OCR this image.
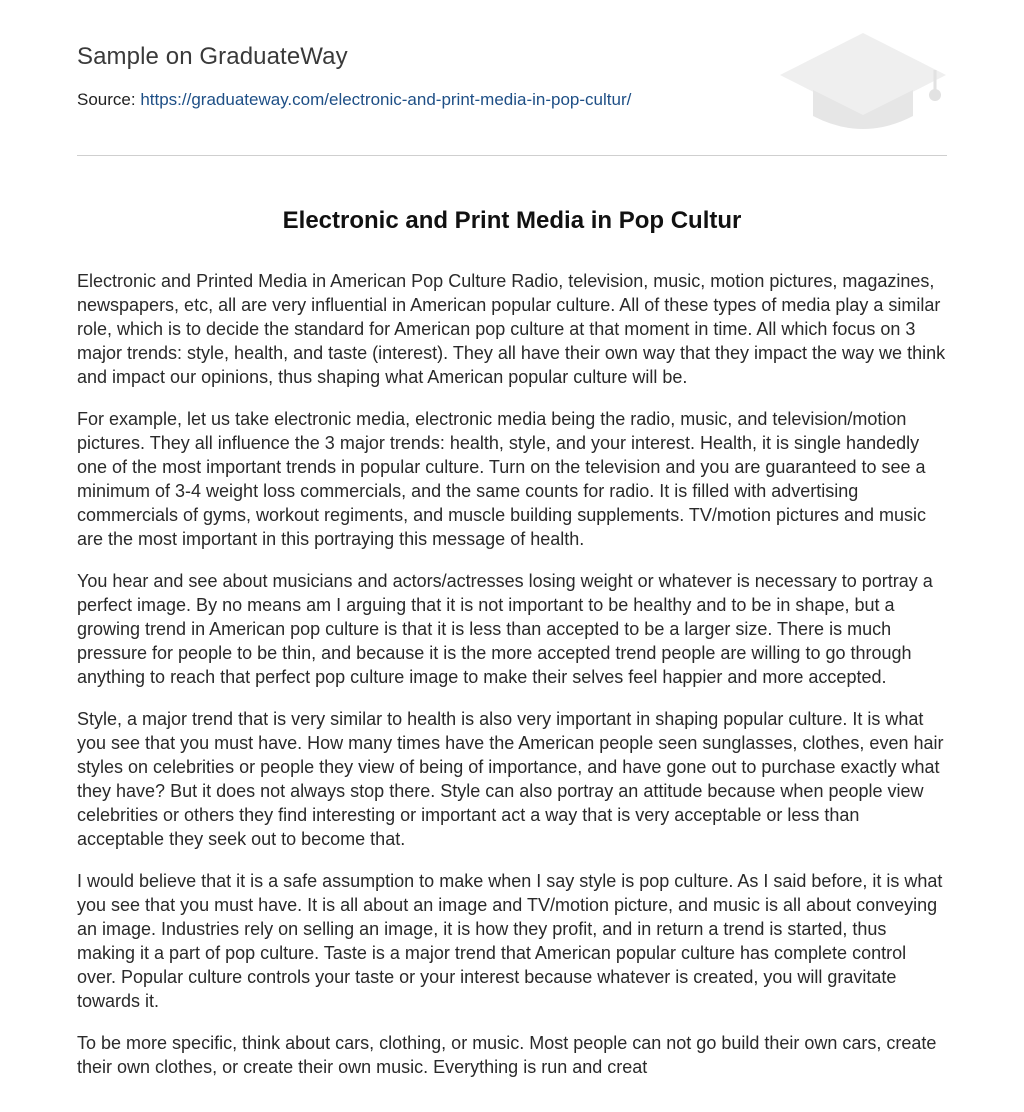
Sample on GraduateWay
Source: https://graduateway.com/electronic-and-print-media-in-pop-cultur/
Electronic and Print Media in Pop Cultur

Electronic and Printed Media in American Pop Culture Radio, television, music, motion pictures, magazines, newspapers, etc, all are very influential in American popular culture. All of these types of media play a similar role, which is to decide the standard for American pop culture at that moment in time. All which focus on 3 major trends: style, health, and taste (interest). They all have their own way that they impact the way we think and impact our opinions, thus shaping what American popular culture will be.

For example, let us take electronic media, electronic media being the radio, music, and television/motion pictures. They all influence the 3 major trends: health, style, and your interest. Health, it is single handedly one of the most important trends in popular culture. Turn on the television and you are guaranteed to see a minimum of 3-4 weight loss commercials, and the same counts for radio. It is filled with advertising commercials of gyms, workout regiments, and muscle building supplements. TV/motion pictures and music are the most important in this portraying this message of health.

You hear and see about musicians and actors/actresses losing weight or whatever is necessary to portray a perfect image. By no means am I arguing that it is not important to be healthy and to be in shape, but a growing trend in American pop culture is that it is less than accepted to be a larger size. There is much pressure for people to be thin, and because it is the more accepted trend people are willing to go through anything to reach that perfect pop culture image to make their selves feel happier and more accepted.

Style, a major trend that is very similar to health is also very important in shaping popular culture. It is what you see that you must have. How many times have the American people seen sunglasses, clothes, even hair styles on celebrities or people they view of being of importance, and have gone out to purchase exactly what they have? But it does not always stop there. Style can also portray an attitude because when people view celebrities or others they find interesting or important act a way that is very acceptable or less than acceptable they seek out to become that.

I would believe that it is a safe assumption to make when I say style is pop culture. As I said before, it is what you see that you must have. It is all about an image and TV/motion picture, and music is all about conveying an image. Industries rely on selling an image, it is how they profit, and in return a trend is started, thus making it a part of pop culture. Taste is a major trend that American popular culture has complete control over. Popular culture controls your taste or your interest because whatever is created, you will gravitate towards it.

To be more specific, think about cars, clothing, or music. Most people can not go build their own cars, create their own clothes, or create their own music. Everything is run and creat
